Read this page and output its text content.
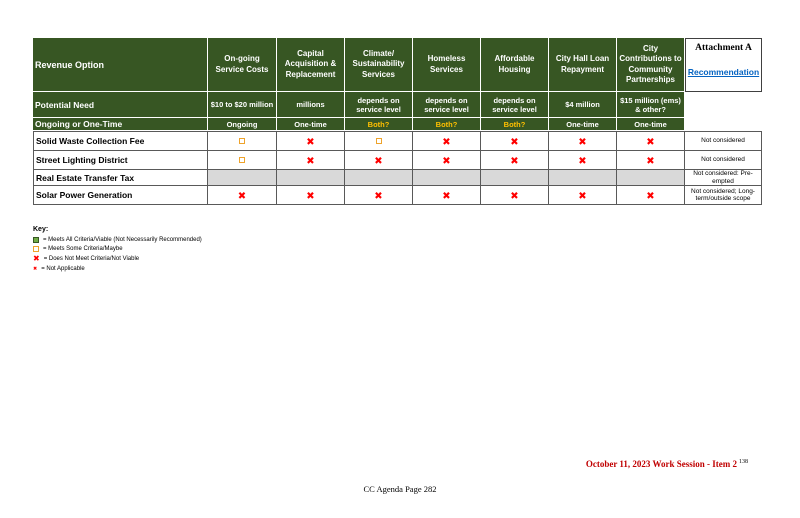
Revenue Option	On-going Service Costs	Capital Acquisition & Replacement	Climate/ Sustainability Services	Homeless Services	Affordable Housing	City Hall Loan Repayment	City Contributions to Community Partnerships	Attachment A
Recommendation

Potential Need	$10 to $20 million	millions	depends on service level	depends on service level	depends on service level	$4 million	$15 million (ems) & other?	
Ongoing or One-Time	Ongoing	One-time	Both?	Both?	Both?	One-time	One-time	
Solid Waste Collection Fee		✖		✖	✖	✖	✖	Not considered
Street Lighting District		✖	✖	✖	✖	✖	✖	Not considered
Real Estate Transfer Tax								Not considered: Pre-empted
Solar Power Generation	✖	✖	✖	✖	✖	✖	✖	Not considered; Long-term/outside scope
Key:
= Meets All Criteria/Viable (Not Necessarily Recommended)
= Meets Some Criteria/Maybe
✖ = Does Not Meet Criteria/Not Viable
✖ = Not Applicable
October 11, 2023 Work Session - Item 2 $^{138}$
CC Agenda Page 282
